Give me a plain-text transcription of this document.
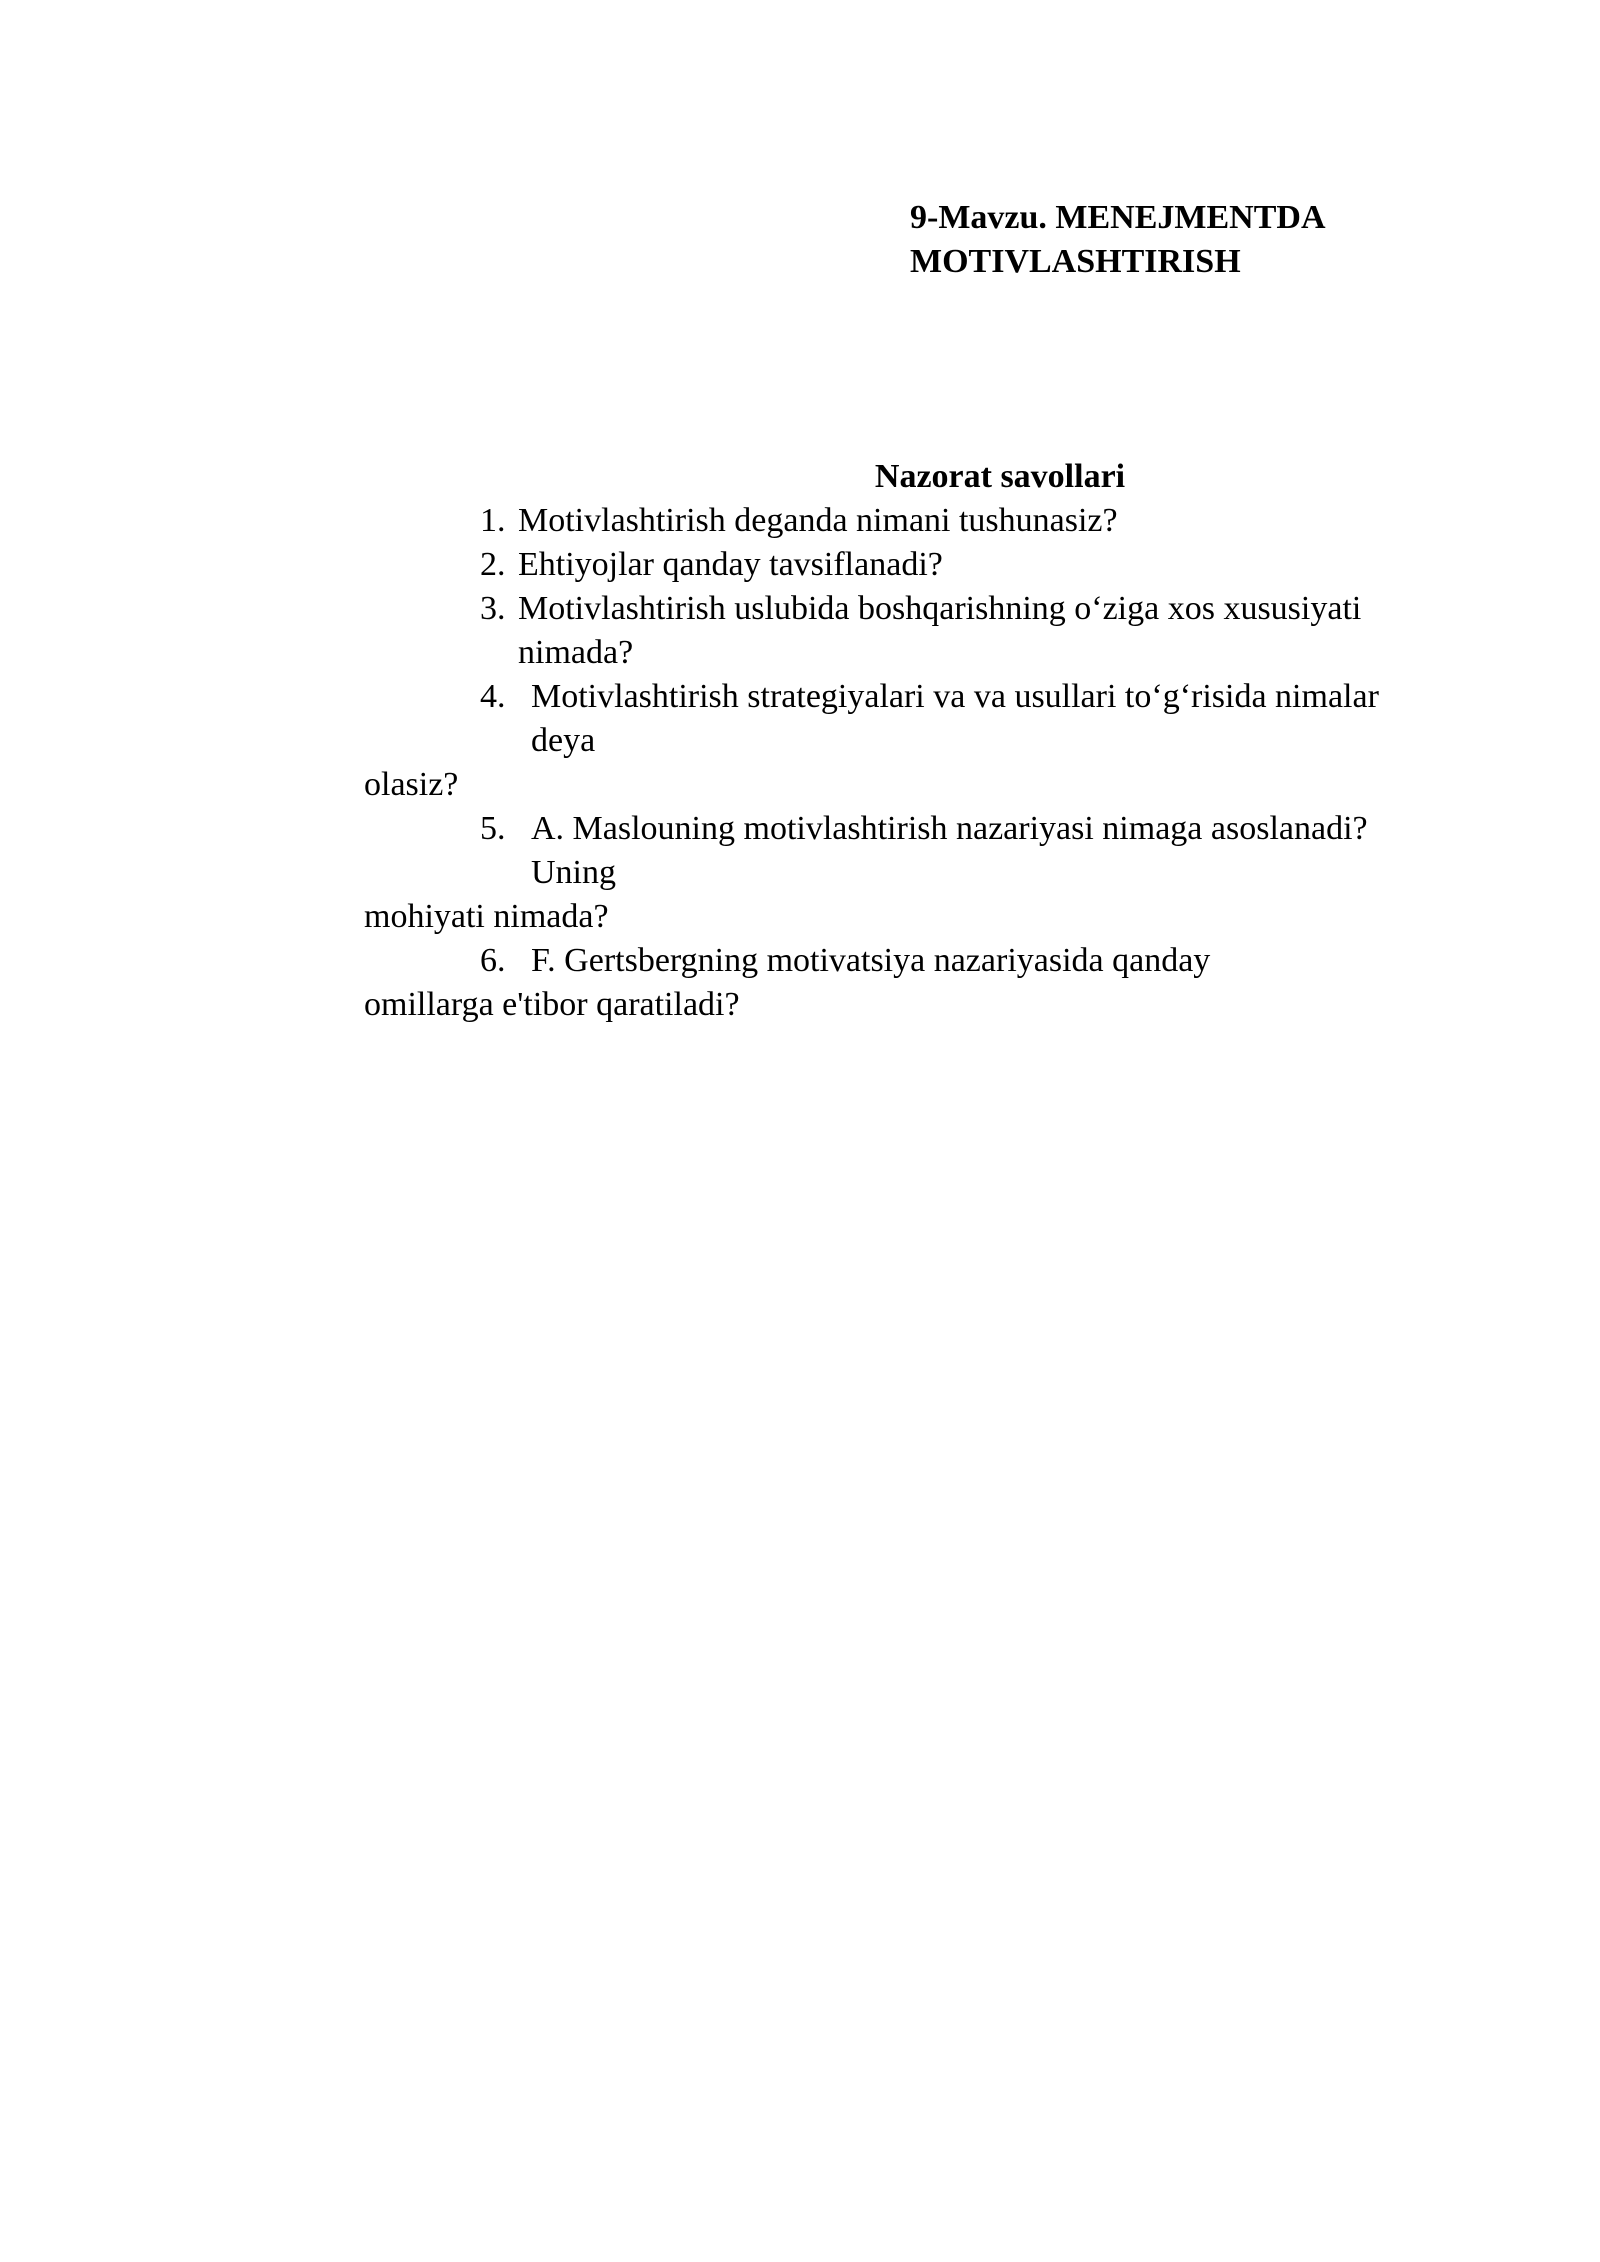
9-Mavzu. MENEJMENTDA
MOTIVLASHTIRISH
Nazorat savollari
1. Motivlashtirish deganda nimani tushunasiz?

2. Ehtiyojlar qanday tavsiflanadi?

3. Motivlashtirish uslubida boshqarishning o‘ziga xos xususiyati

nimada?

4. Motivlashtirish strategiyalari va va usullari to‘g‘risida nimalar

deya

olasiz?

5. A. Maslouning motivlashtirish nazariyasi nimaga asoslanadi?

Uning

mohiyati nimada?

6. F. Gertsbergning motivatsiya nazariyasida qanday

omillarga e'tibor qaratiladi?
